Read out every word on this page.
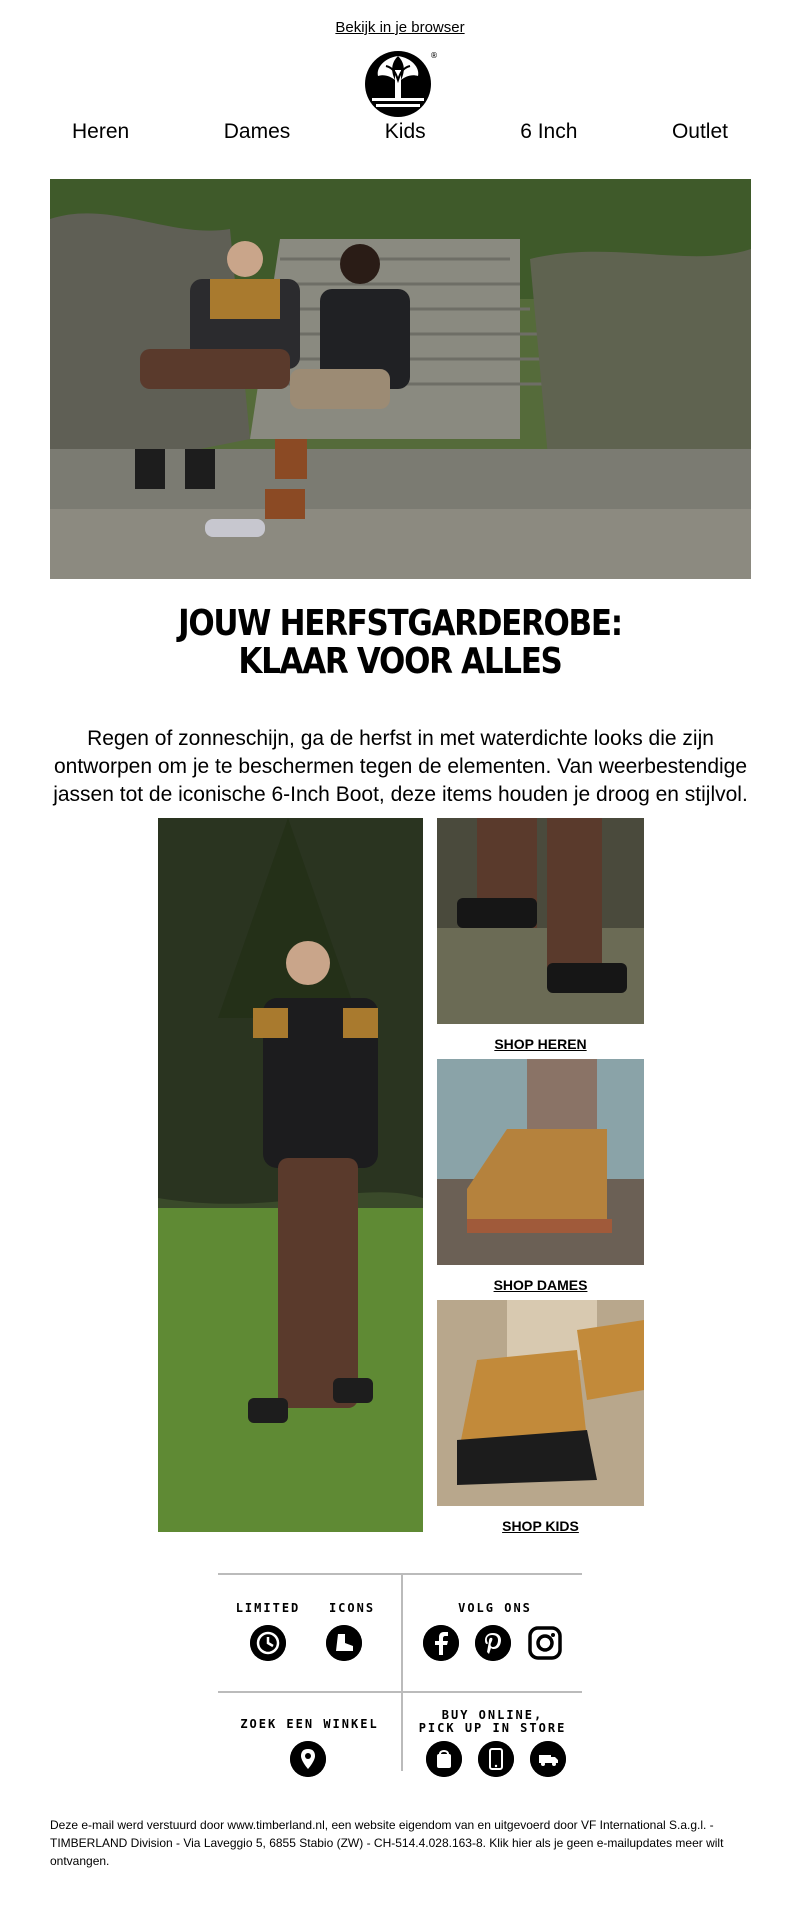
Bekijk in je browser
®
Heren	Dames	Kids	6 Inch	Outlet
JOUW HERFSTGARDEROBE:
KLAAR VOOR ALLES

Regen of zonneschijn, ga de herfst in met waterdichte looks die zijn ontworpen om je te beschermen tegen de elementen. Van weerbestendige jassen tot de iconische 6-Inch Boot, deze items houden je droog en stijlvol.

SHOP HEREN
SHOP DAMES
SHOP KIDS
LIMITED	ICONS	VOLG ONS
ZOEK EEN WINKEL
BUY ONLINE,
PICK UP IN STORE

Deze e-mail werd verstuurd door www.timberland.nl, een website eigendom van en uitgevoerd door VF International S.a.g.l. - TIMBERLAND Division - Via Laveggio 5, 6855 Stabio (ZW) - CH-514.4.028.163-8. Klik hier als je geen e-mailupdates meer wilt ontvangen.
